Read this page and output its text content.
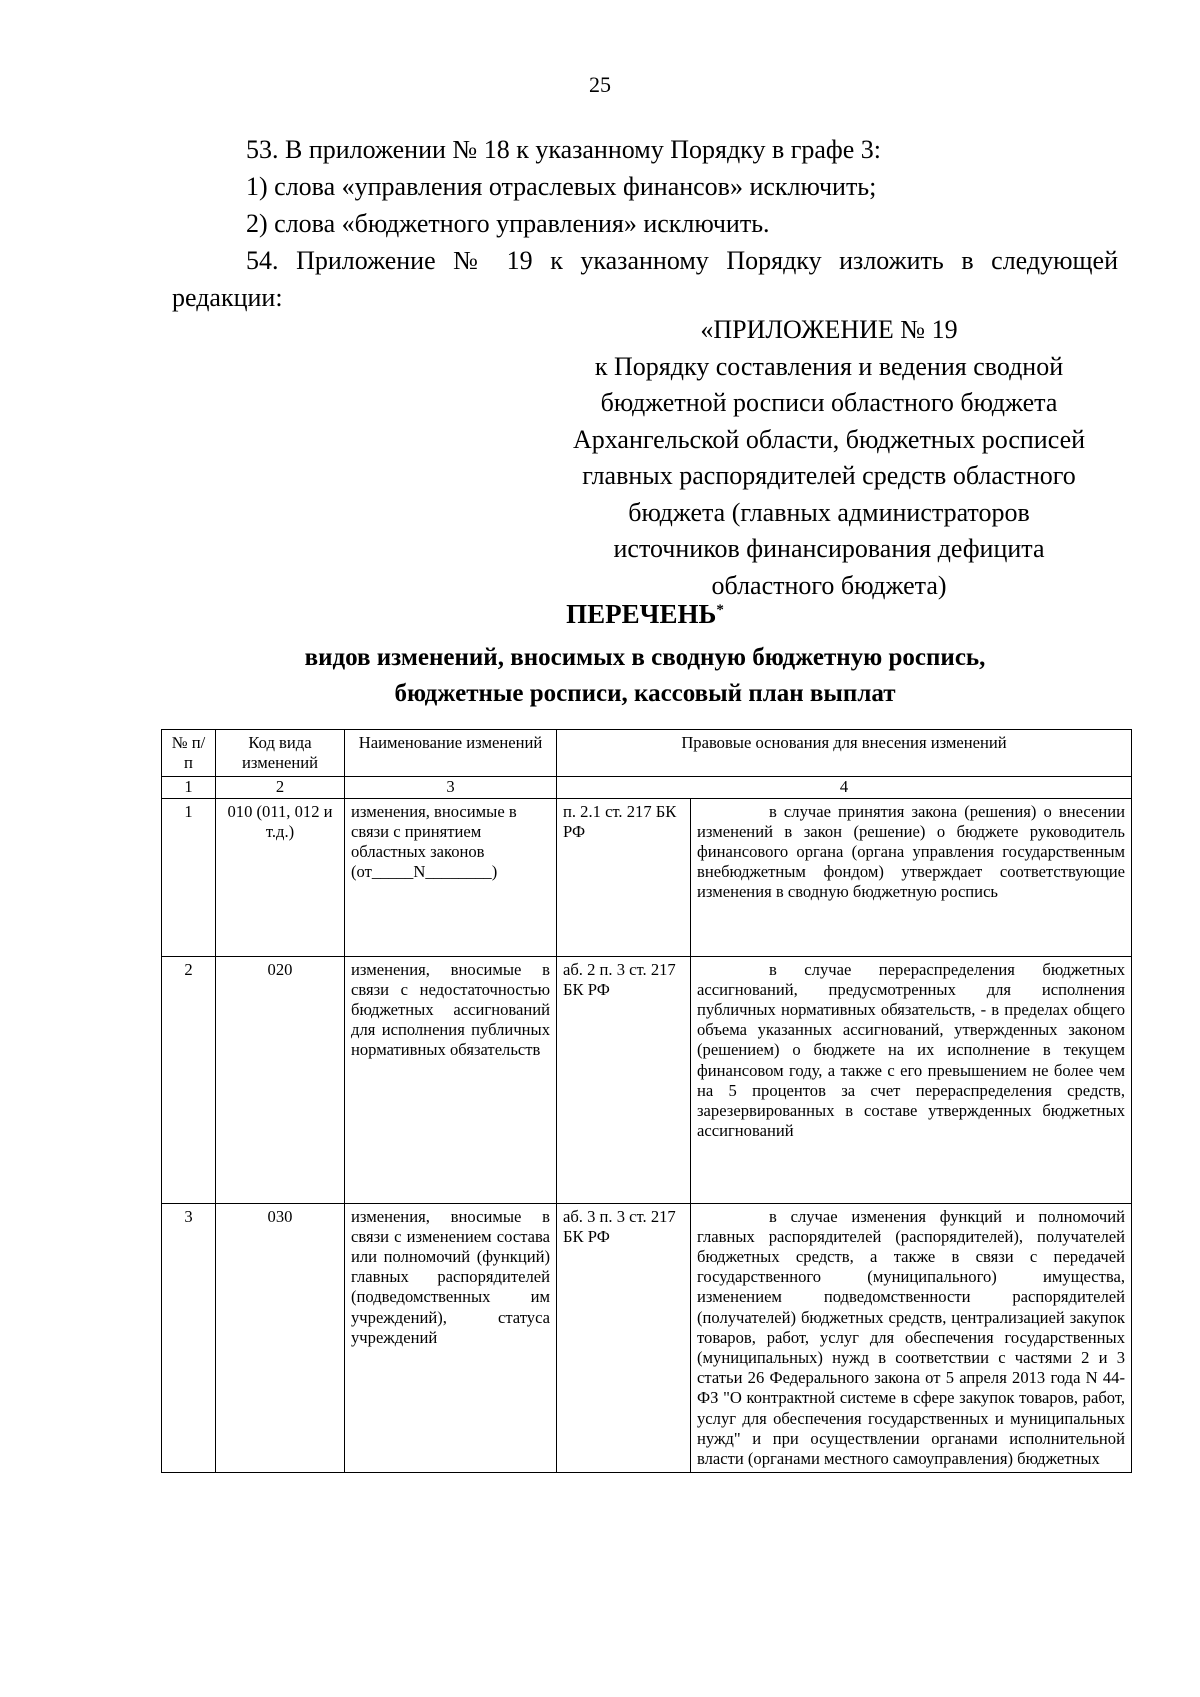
25
53. В приложении № 18 к указанному Порядку в графе 3:
1) слова «управления отраслевых финансов» исключить;
2) слова «бюджетного управления» исключить.
54. Приложение № 19 к указанному Порядку изложить в следующей редакции:
«ПРИЛОЖЕНИЕ № 19
к Порядку составления и ведения сводной
бюджетной росписи областного бюджета
Архангельской области, бюджетных росписей
главных распорядителей средств областного
бюджета (главных администраторов
источников финансирования дефицита
областного бюджета)
ПЕРЕЧЕНЬ*
видов изменений, вносимых в сводную бюджетную роспись,
бюджетные росписи, кассовый план выплат
№ п/п	Код вида изменений	Наименование изменений	Правовые основания для внесения изменений	
1	2	3	4	
1	010 (011, 012 и т.д.)	изменения, вносимые в связи с принятием областных законов (от_____N________)	п. 2.1 ст. 217 БК РФ	в случае принятия закона (решения) о внесении изменений в закон (решение) о бюджете руководитель финансового органа (органа управления государственным внебюджетным фондом) утверждает соответствующие изменения в сводную бюджетную роспись
2	020	изменения, вносимые в связи с недостаточностью бюджетных ассигнований для исполнения публичных нормативных обязательств	аб. 2 п. 3 ст. 217 БК РФ	в случае перераспределения бюджетных ассигнований, предусмотренных для исполнения публичных нормативных обязательств, - в пределах общего объема указанных ассигнований, утвержденных законом (решением) о бюджете на их исполнение в текущем финансовом году, а также с его превышением не более чем на 5 процентов за счет перераспределения средств, зарезервированных в составе утвержденных бюджетных ассигнований
3	030	изменения, вносимые в связи с изменением состава или полномочий (функций) главных распорядителей (подведомственных им учреждений), статуса учреждений	аб. 3 п. 3 ст. 217 БК РФ	в случае изменения функций и полномочий главных распорядителей (распорядителей), получателей бюджетных средств, а также в связи с передачей государственного (муниципального) имущества, изменением подведомственности распорядителей (получателей) бюджетных средств, централизацией закупок товаров, работ, услуг для обеспечения государственных (муниципальных) нужд в соответствии с частями 2 и 3 статьи 26 Федерального закона от 5 апреля 2013 года N 44-ФЗ "О контрактной системе в сфере закупок товаров, работ, услуг для обеспечения государственных и муниципальных нужд" и при осуществлении органами исполнительной власти (органами местного самоуправления) бюджетных
